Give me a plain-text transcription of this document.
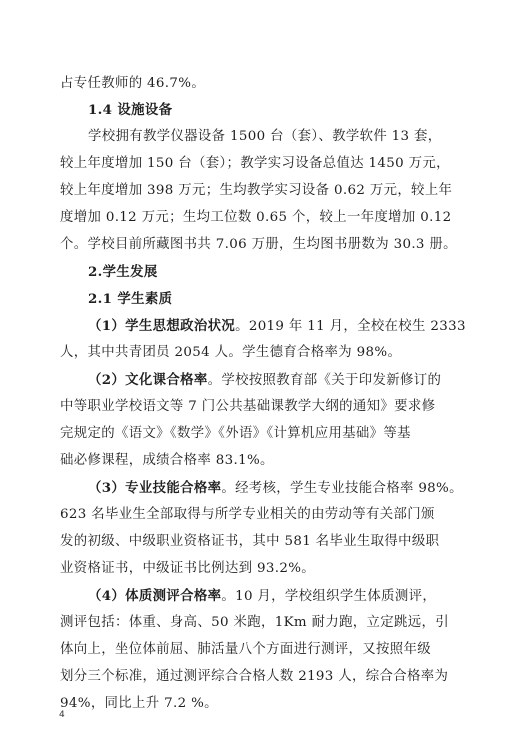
占专任教师的 46.7%。
1.4 设施设备
学校拥有教学仪器设备 1500 台（套）、教学软件 13 套，
较上年度增加 150 台（套）；教学实习设备总值达 1450 万元，
较上年度增加 398 万元；生均教学实习设备 0.62 万元，较上年
度增加 0.12 万元；生均工位数 0.65 个，较上一年度增加 0.12
个。学校目前所藏图书共 7.06 万册，生均图书册数为 30.3 册。
2.学生发展
2.1 学生素质
（1）学生思想政治状况。2019 年 11 月，全校在校生 2333
人，其中共青团员 2054 人。学生德育合格率为 98%。
（2）文化课合格率。学校按照教育部《关于印发新修订的
中等职业学校语文等 7 门公共基础课教学大纲的通知》要求修
完规定的《语文》《数学》《外语》《计算机应用基础》等基
础必修课程，成绩合格率 83.1%。
（3）专业技能合格率。经考核，学生专业技能合格率 98%。
623 名毕业生全部取得与所学专业相关的由劳动等有关部门颁
发的初级、中级职业资格证书，其中 581 名毕业生取得中级职
业资格证书，中级证书比例达到 93.2%。
（4）体质测评合格率。10 月，学校组织学生体质测评，
测评包括：体重、身高、50 米跑，1Km 耐力跑，立定跳远，引
体向上，坐位体前屈、肺活量八个方面进行测评，又按照年级
划分三个标准，通过测评综合合格人数 2193 人，综合合格率为
94%，同比上升 7.2 %。
4
